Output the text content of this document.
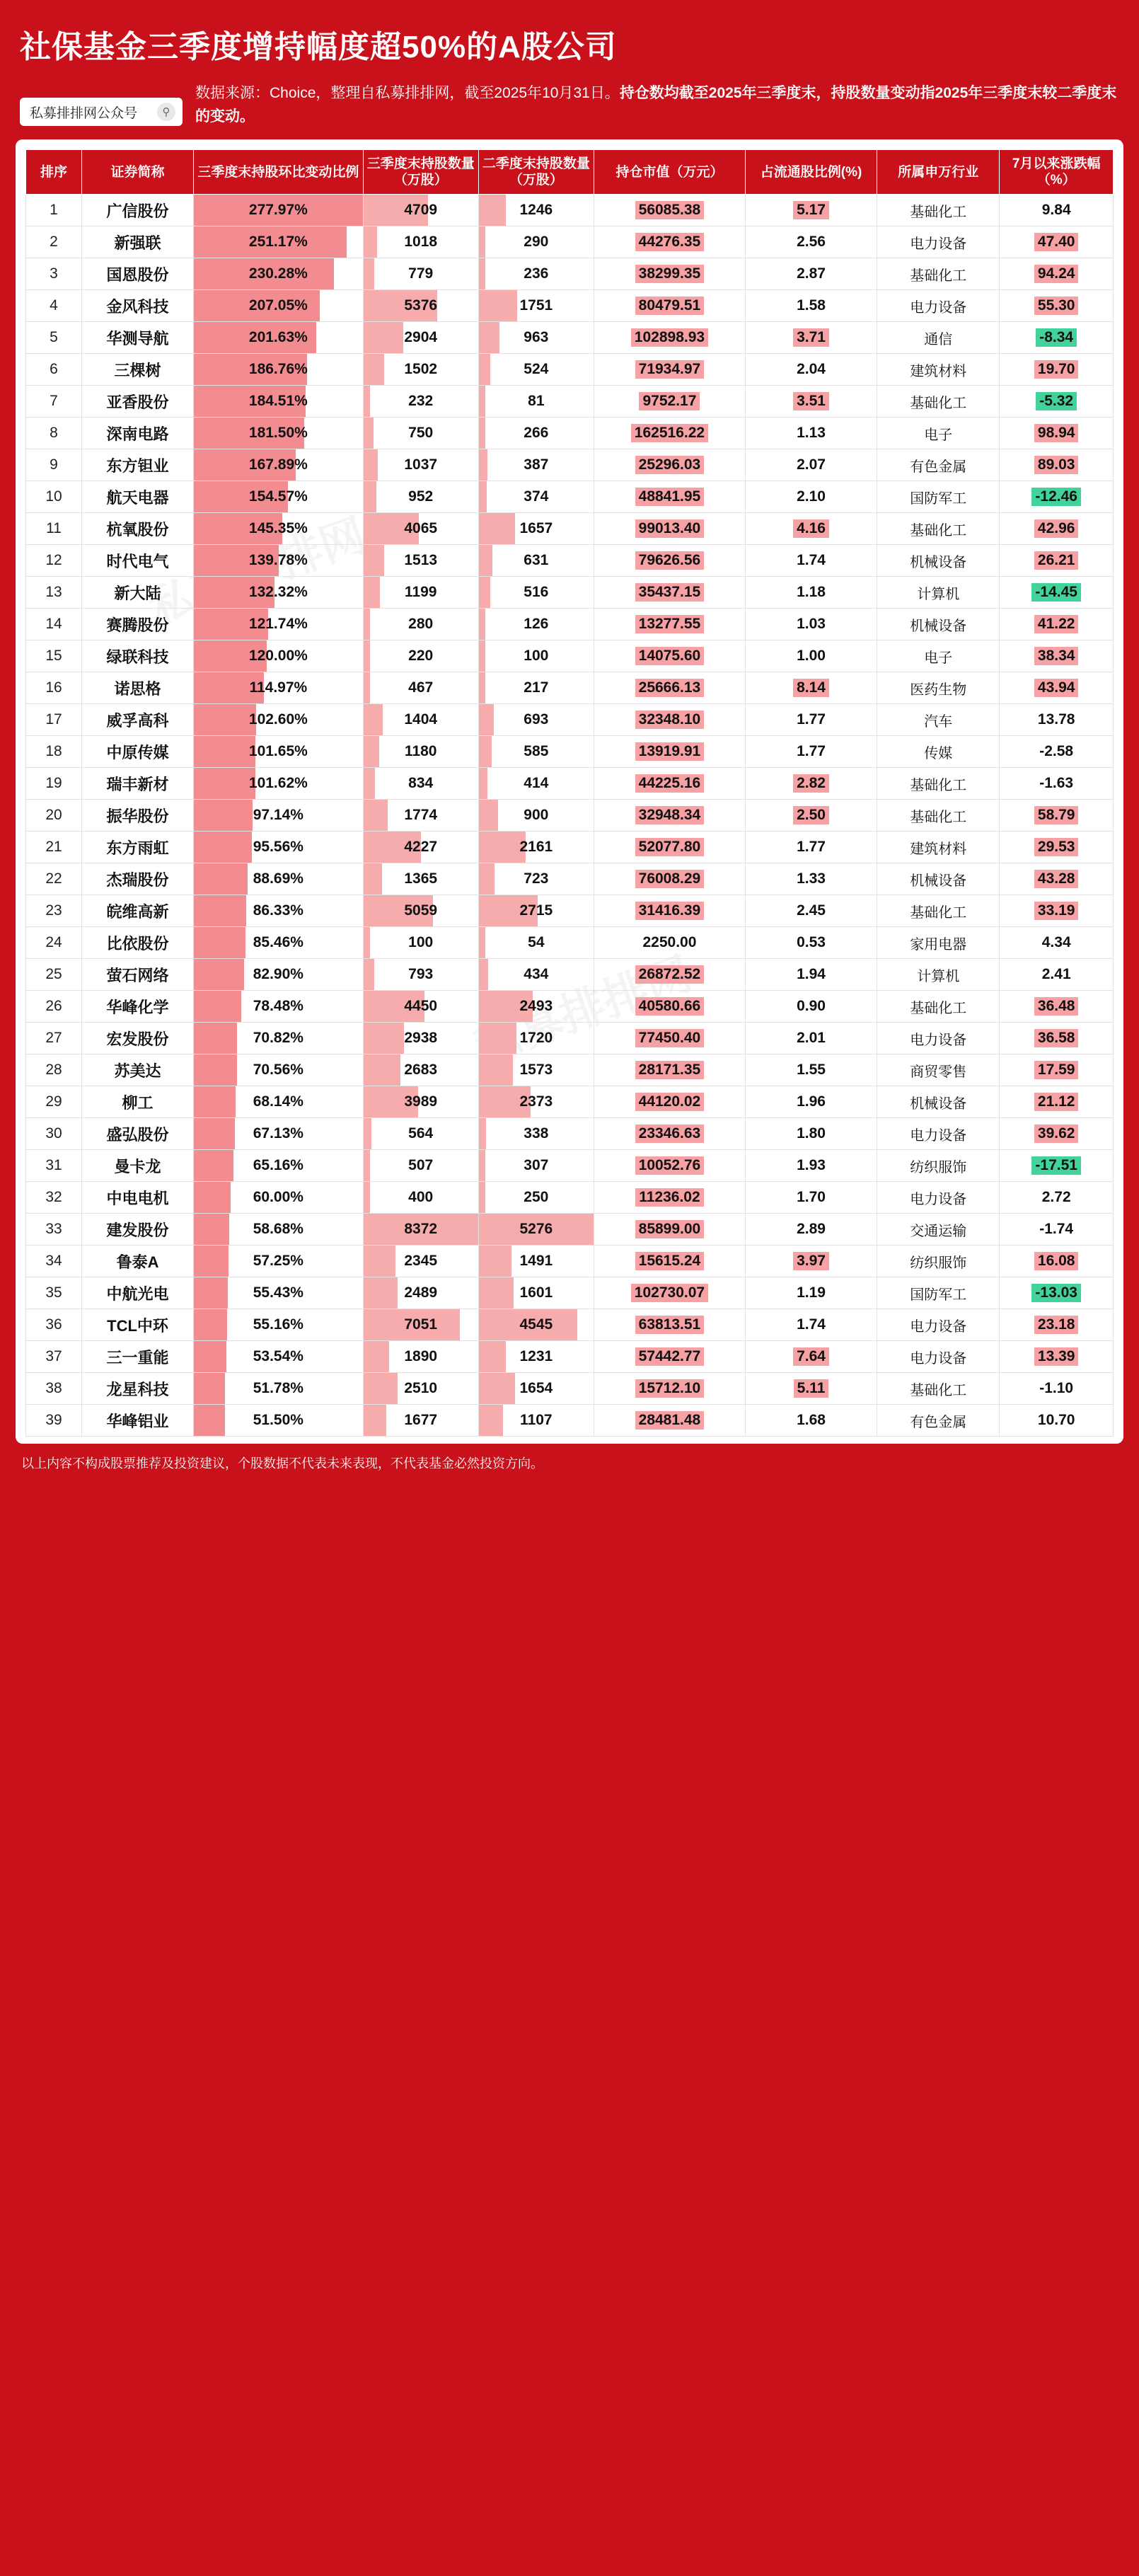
社保基金三季度增持幅度超50%的A股公司
私募排排网公众号	⚲
数据来源：Choice，整理自私募排排网，截至2025年10月31日。持仓数均截至2025年三季度末，持股数量变动指2025年三季度末较二季度末的变动。
排序	证券简称	三季度末持股环比变动比例	三季度末持股数量（万股）	二季度末持股数量（万股）	持仓市值（万元）	占流通股比例(%)	所属申万行业	7月以来涨跌幅（%）
1	广信股份	277.97%	4709	1246	56085.38	5.17	基础化工	9.84
2	新强联	251.17%	1018	290	44276.35	2.56	电力设备	47.40
3	国恩股份	230.28%	779	236	38299.35	2.87	基础化工	94.24
4	金风科技	207.05%	5376	1751	80479.51	1.58	电力设备	55.30
5	华测导航	201.63%	2904	963	102898.93	3.71	通信	-8.34
6	三棵树	186.76%	1502	524	71934.97	2.04	建筑材料	19.70
7	亚香股份	184.51%	232	81	9752.17	3.51	基础化工	-5.32
8	深南电路	181.50%	750	266	162516.22	1.13	电子	98.94
9	东方钽业	167.89%	1037	387	25296.03	2.07	有色金属	89.03
10	航天电器	154.57%	952	374	48841.95	2.10	国防军工	-12.46
11	杭氧股份	145.35%	4065	1657	99013.40	4.16	基础化工	42.96
12	时代电气	139.78%	1513	631	79626.56	1.74	机械设备	26.21
13	新大陆	132.32%	1199	516	35437.15	1.18	计算机	-14.45
14	赛腾股份	121.74%	280	126	13277.55	1.03	机械设备	41.22
15	绿联科技	120.00%	220	100	14075.60	1.00	电子	38.34
16	诺思格	114.97%	467	217	25666.13	8.14	医药生物	43.94
17	威孚高科	102.60%	1404	693	32348.10	1.77	汽车	13.78
18	中原传媒	101.65%	1180	585	13919.91	1.77	传媒	-2.58
19	瑞丰新材	101.62%	834	414	44225.16	2.82	基础化工	-1.63
20	振华股份	97.14%	1774	900	32948.34	2.50	基础化工	58.79
21	东方雨虹	95.56%	4227	2161	52077.80	1.77	建筑材料	29.53
22	杰瑞股份	88.69%	1365	723	76008.29	1.33	机械设备	43.28
23	皖维高新	86.33%	5059	2715	31416.39	2.45	基础化工	33.19
24	比依股份	85.46%	100	54	2250.00	0.53	家用电器	4.34
25	萤石网络	82.90%	793	434	26872.52	1.94	计算机	2.41
26	华峰化学	78.48%	4450	2493	40580.66	0.90	基础化工	36.48
27	宏发股份	70.82%	2938	1720	77450.40	2.01	电力设备	36.58
28	苏美达	70.56%	2683	1573	28171.35	1.55	商贸零售	17.59
29	柳工	68.14%	3989	2373	44120.02	1.96	机械设备	21.12
30	盛弘股份	67.13%	564	338	23346.63	1.80	电力设备	39.62
31	曼卡龙	65.16%	507	307	10052.76	1.93	纺织服饰	-17.51
32	中电电机	60.00%	400	250	11236.02	1.70	电力设备	2.72
33	建发股份	58.68%	8372	5276	85899.00	2.89	交通运输	-1.74
34	鲁泰A	57.25%	2345	1491	15615.24	3.97	纺织服饰	16.08
35	中航光电	55.43%	2489	1601	102730.07	1.19	国防军工	-13.03
36	TCL中环	55.16%	7051	4545	63813.51	1.74	电力设备	23.18
37	三一重能	53.54%	1890	1231	57442.77	7.64	电力设备	13.39
38	龙星科技	51.78%	2510	1654	15712.10	5.11	基础化工	-1.10
39	华峰铝业	51.50%	1677	1107	28481.48	1.68	有色金属	10.70
以上内容不构成股票推荐及投资建议，个股数据不代表未来表现，不代表基金必然投资方向。
